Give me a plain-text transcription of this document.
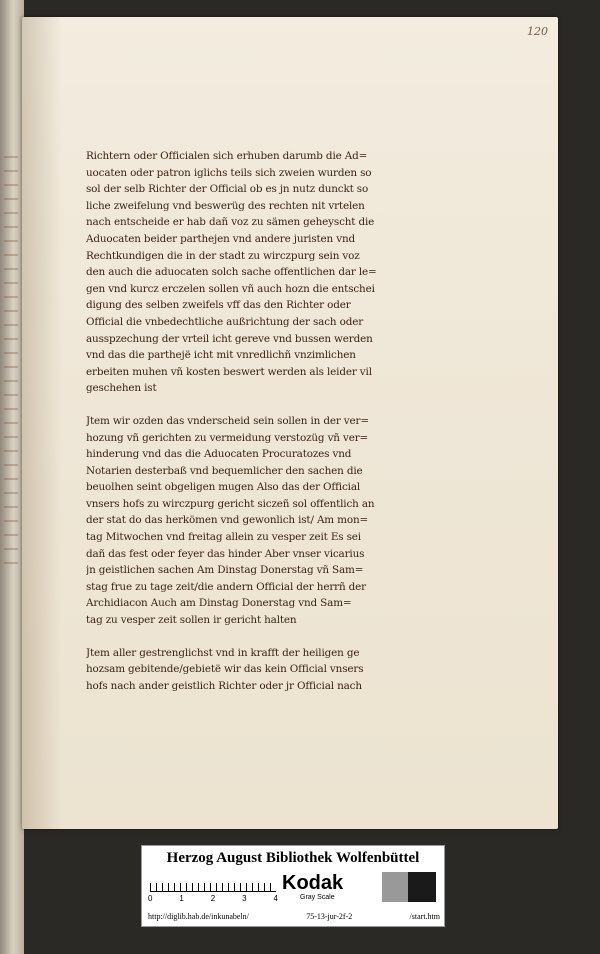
120
Richtern oder Officialen sich erhuben darumb die Ad=
uocaten oder patron iglichs teils sich zweien wurden so
sol der selb Richter der Official ob es jn nutz dunckt so
liche zweifelung vnd beswerüg des rechten nit vrtelen
nach entscheide er hab dañ voz zu sämen geheyscht die
Aduocaten beider parthejen vnd andere juristen vnd
Rechtkundigen die in der stadt zu wirczpurg sein voz
den auch die aduocaten solch sache offentlichen dar le=
gen vnd kurcz erczelen sollen vñ auch hozn die entschei
digung des selben zweifels vff das den Richter oder
Official die vnbedechtliche außrichtung der sach oder
ausspzechung der vrteil icht gereve vnd bussen werden
vnd das die parthejë icht mit vnredlichñ vnzimlichen
erbeiten muhen vñ kosten beswert werden als leider vil
geschehen ist
Jtem wir ozden das vnderscheid sein sollen in der ver=
hozung vñ gerichten zu vermeidung verstozüg vñ ver=
hinderung vnd das die Aduocaten Procuratozes vnd
Notarien desterbaß vnd bequemlicher den sachen die
beuolhen seint obgeligen mugen Also das der Official
vnsers hofs zu wirczpurg gericht siczeñ sol offentlich an
der stat do das herkömen vnd gewonlich ist/ Am mon=
tag Mitwochen vnd freitag allein zu vesper zeit Es sei
dañ das fest oder feyer das hinder Aber vnser vicarius
jn geistlichen sachen Am Dinstag Donerstag vñ Sam=
stag frue zu tage zeit/die andern Official der herrñ der
Archidiacon Auch am Dinstag Donerstag vnd Sam=
tag zu vesper zeit sollen ir gericht halten
Jtem aller gestrenglichst vnd in krafft der heiligen ge
hozsam gebitende/gebietë wir das kein Official vnsers
hofs nach ander geistlich Richter oder jr Official nach
Herzog August Bibliothek Wolfenbüttel
0	1	2	3	4
Kodak
Gray Scale
http://diglib.hab.de/inkunabeln/	75-13-jur-2f-2	/start.htm
